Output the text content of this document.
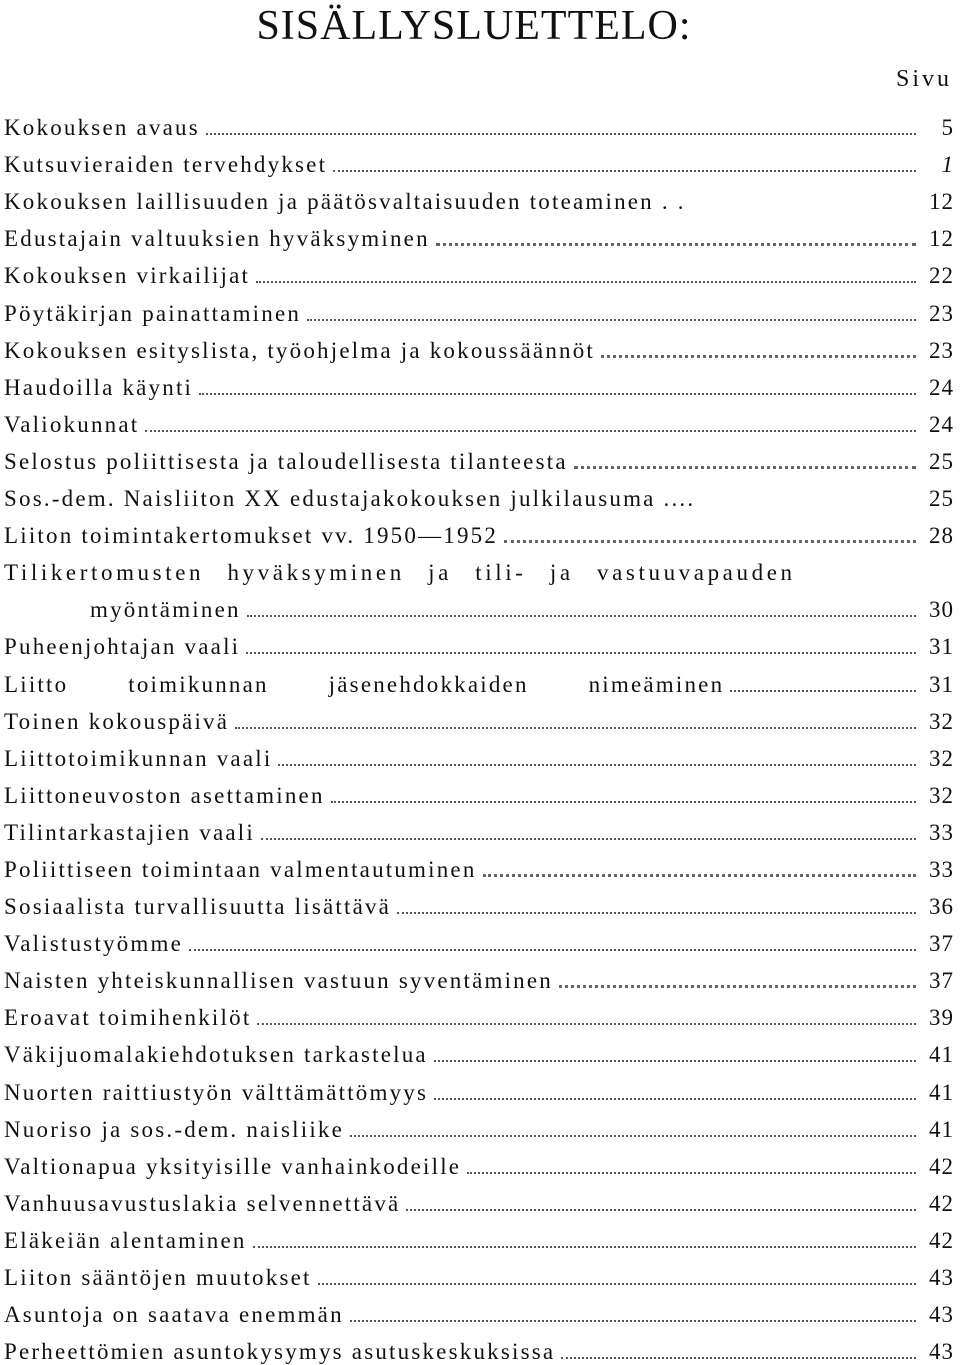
SISÄLLYSLUETTELO:
Sivu
Kokouksen avaus	5
Kutsuvieraiden tervehdykset	1
Kokouksen laillisuuden ja päätösvaltaisuuden toteaminen . .	12
Edustajain valtuuksien hyväksyminen	12
Kokouksen virkailijat	22
Pöytäkirjan painattaminen	23
Kokouksen esityslista, työohjelma ja kokoussäännöt	23
Haudoilla käynti	24
Valiokunnat	24
Selostus poliittisesta ja taloudellisesta tilanteesta	25
Sos.-dem. Naisliiton XX edustajakokouksen julkilausuma ....	25
Liiton toimintakertomukset vv. 1950—1952	28
Tilikertomusten hyväksyminen ja tili- ja vastuuvapauden
myöntäminen	30
Puheenjohtajan vaali	31
Liitto toimikunnan jäsenehdokkaiden nimeäminen	31
Toinen kokouspäivä	32
Liittotoimikunnan vaali	32
Liittoneuvoston asettaminen	32
Tilintarkastajien vaali	33
Poliittiseen toimintaan valmentautuminen	33
Sosiaalista turvallisuutta lisättävä	36
Valistustyömme	37
Naisten yhteiskunnallisen vastuun syventäminen	37
Eroavat toimihenkilöt	39
Väkijuomalakiehdotuksen tarkastelua	41
Nuorten raittiustyön välttämättömyys	41
Nuoriso ja sos.-dem. naisliike	41
Valtionapua yksityisille vanhainkodeille	42
Vanhuusavustuslakia selvennettävä	42
Eläkeiän alentaminen	42
Liiton sääntöjen muutokset	43
Asuntoja on saatava enemmän	43
Perheettömien asuntokysymys asutuskeskuksissa	43
